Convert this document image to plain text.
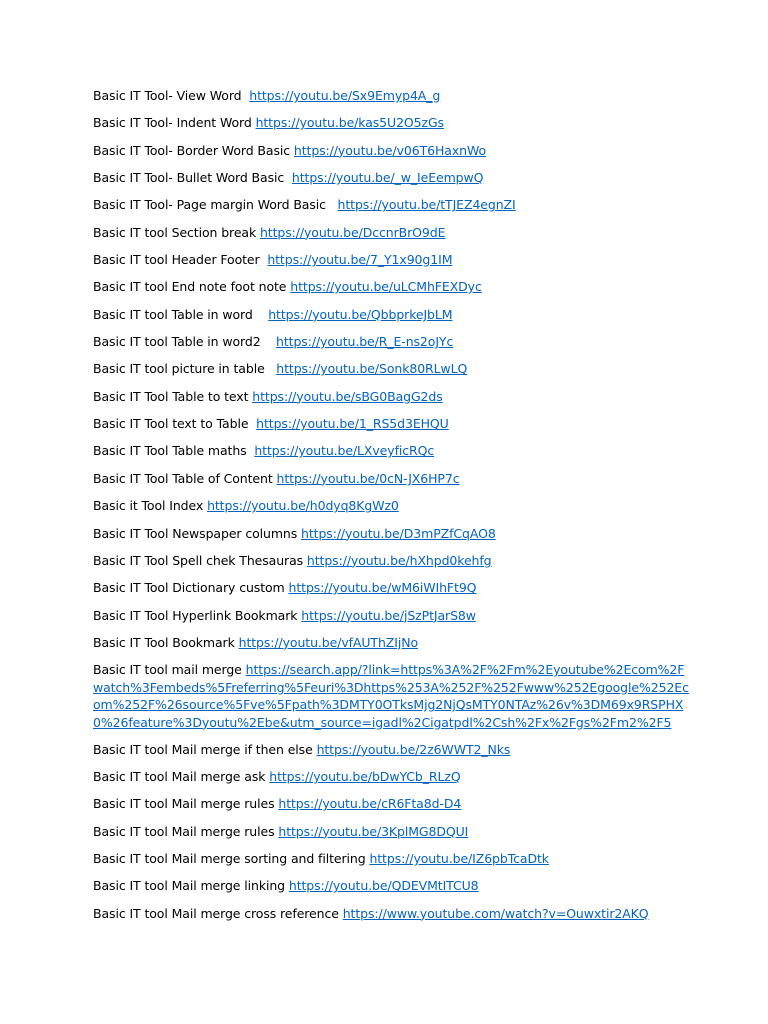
Basic IT Tool- View Word  https://youtu.be/Sx9Emyp4A_g
Basic IT Tool- Indent Word https://youtu.be/kas5U2O5zGs
Basic IT Tool- Border Word Basic https://youtu.be/v06T6HaxnWo
Basic IT Tool- Bullet Word Basic  https://youtu.be/_w_IeEempwQ
Basic IT Tool- Page margin Word Basic   https://youtu.be/tTJEZ4egnZI
Basic IT tool Section break https://youtu.be/DccnrBrO9dE
Basic IT tool Header Footer  https://youtu.be/7_Y1x90g1IM
Basic IT tool End note foot note https://youtu.be/uLCMhFEXDyc
Basic IT tool Table in word    https://youtu.be/QbbprkeJbLM
Basic IT tool Table in word2    https://youtu.be/R_E-ns2oJYc
Basic IT tool picture in table   https://youtu.be/Sonk80RLwLQ
Basic IT Tool Table to text https://youtu.be/sBG0BagG2ds
Basic IT Tool text to Table  https://youtu.be/1_RS5d3EHQU
Basic IT Tool Table maths  https://youtu.be/LXveyficRQc
Basic IT Tool Table of Content https://youtu.be/0cN-JX6HP7c
Basic it Tool Index https://youtu.be/h0dyq8KgWz0
Basic IT Tool Newspaper columns https://youtu.be/D3mPZfCqAO8
Basic IT Tool Spell chek Thesauras https://youtu.be/hXhpd0kehfg
Basic IT Tool Dictionary custom https://youtu.be/wM6iWIhFt9Q
Basic IT Tool Hyperlink Bookmark https://youtu.be/jSzPtJarS8w
Basic IT Tool Bookmark https://youtu.be/vfAUThZIjNo
Basic IT tool mail merge https://search.app/?link=https%3A%2F%2Fm%2Eyoutube%2Ecom%2Fwatch%3Fembeds%5Freferring%5Feuri%3Dhttps%253A%252F%252Fwww%252Egoogle%252Ecom%252F%26source%5Fve%5Fpath%3DMTY0OTksMjg2NjQsMTY0NTAz%26v%3DM69x9RSPHX0%26feature%3Dyoutu%2Ebe&utm_source=igadl%2Cigatpdl%2Csh%2Fx%2Fgs%2Fm2%2F5
Basic IT tool Mail merge if then else https://youtu.be/2z6WWT2_Nks
Basic IT tool Mail merge ask https://youtu.be/bDwYCb_RLzQ
Basic IT tool Mail merge rules https://youtu.be/cR6Fta8d-D4
Basic IT tool Mail merge rules https://youtu.be/3KplMG8DQUI
Basic IT tool Mail merge sorting and filtering https://youtu.be/IZ6pbTcaDtk
Basic IT tool Mail merge linking https://youtu.be/QDEVMtITCU8
Basic IT tool Mail merge cross reference https://www.youtube.com/watch?v=Ouwxtir2AKQ
